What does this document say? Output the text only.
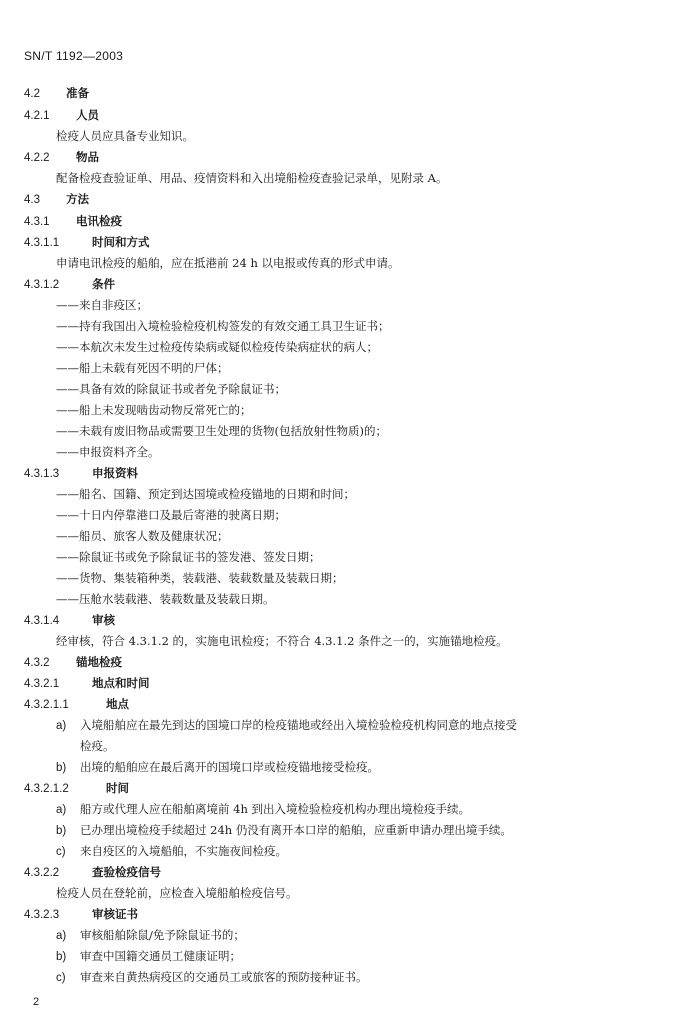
SN/T 1192—2003
4.2 准备
4.2.1 人员
检疫人员应具备专业知识。
4.2.2 物品
配备检疫查验证单、用品、疫情资料和入出境船检疫查验记录单，见附录 A。
4.3 方法
4.3.1 电讯检疫
4.3.1.1	时间和方式
申请电讯检疫的船舶，应在抵港前 24 h 以电报或传真的形式申请。
4.3.1.2	条件
——来自非疫区；
——持有我国出入境检验检疫机构签发的有效交通工具卫生证书；
——本航次未发生过检疫传染病或疑似检疫传染病症状的病人；
——船上未载有死因不明的尸体；
——具备有效的除鼠证书或者免予除鼠证书；
——船上未发现啮齿动物反常死亡的；
——未载有废旧物品或需要卫生处理的货物(包括放射性物质)的；
——申报资料齐全。
4.3.1.3	申报资料
——船名、国籍、预定到达国境或检疫锚地的日期和时间；
——十日内停靠港口及最后寄港的驶离日期；
——船员、旅客人数及健康状况；
——除鼠证书或免予除鼠证书的签发港、签发日期；
——货物、集装箱种类，装载港、装载数量及装载日期；
——压舱水装载港、装载数量及装载日期。
4.3.1.4	审核
经审核，符合 4.3.1.2 的，实施电讯检疫；不符合 4.3.1.2 条件之一的，实施锚地检疫。
4.3.2 锚地检疫
4.3.2.1	地点和时间
4.3.2.1.1	地点
a) 入境船舶应在最先到达的国境口岸的检疫锚地或经出入境检验检疫机构同意的地点接受
检疫。
b) 出境的船舶应在最后离开的国境口岸或检疫锚地接受检疫。
4.3.2.1.2	时间
a) 船方或代理人应在船舶离境前 4h 到出入境检验检疫机构办理出境检疫手续。
b) 已办理出境检疫手续超过 24h 仍没有离开本口岸的船舶，应重新申请办理出境手续。
c) 来自疫区的入境船舶，不实施夜间检疫。
4.3.2.2	查验检疫信号
检疫人员在登轮前，应检查入境船舶检疫信号。
4.3.2.3	审核证书
a) 审核船舶除鼠/免予除鼠证书的；
b) 审查中国籍交通员工健康证明；
c) 审查来自黄热病疫区的交通员工或旅客的预防接种证书。
2
